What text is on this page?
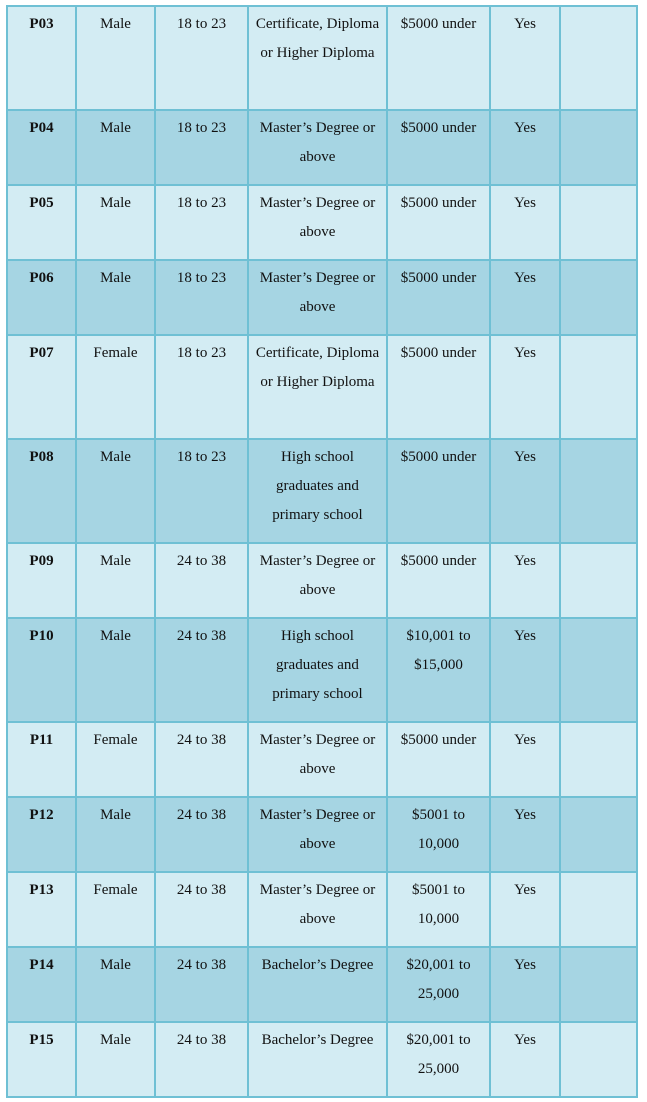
P03	Male	18 to 23	Certificate, Diploma or Higher Diploma	$5000 under	Yes	
P04	Male	18 to 23	Master’s Degree or above	$5000 under	Yes	
P05	Male	18 to 23	Master’s Degree or above	$5000 under	Yes	
P06	Male	18 to 23	Master’s Degree or above	$5000 under	Yes	
P07	Female	18 to 23	Certificate, Diploma or Higher Diploma	$5000 under	Yes	
P08	Male	18 to 23	High school graduates and primary school	$5000 under	Yes	
P09	Male	24 to 38	Master’s Degree or above	$5000 under	Yes	
P10	Male	24 to 38	High school graduates and primary school	$10,001 to $15,000	Yes	
P11	Female	24 to 38	Master’s Degree or above	$5000 under	Yes	
P12	Male	24 to 38	Master’s Degree or above	$5001 to 10,000	Yes	
P13	Female	24 to 38	Master’s Degree or above	$5001 to 10,000	Yes	
P14	Male	24 to 38	Bachelor’s Degree	$20,001 to 25,000	Yes	
P15	Male	24 to 38	Bachelor’s Degree	$20,001 to 25,000	Yes	
